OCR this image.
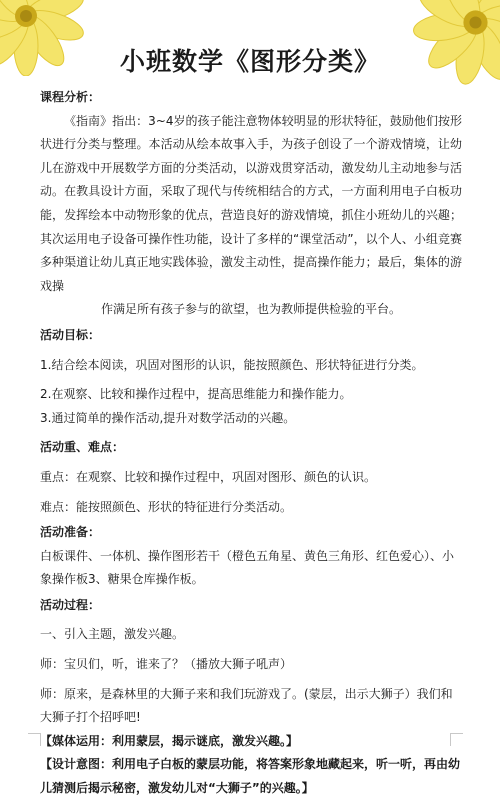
小班数学《图形分类》

课程分析：

《指南》指出：3~4岁的孩子能注意物体较明显的形状特征，鼓励他们按形状进行分类与整理。本活动从绘本故事入手，为孩子创设了一个游戏情境，让幼儿在游戏中开展数学方面的分类活动，以游戏贯穿活动，激发幼儿主动地参与活动。在教具设计方面，采取了现代与传统相结合的方式，一方面利用电子白板功能，发挥绘本中动物形象的优点，营造良好的游戏情境，抓住小班幼儿的兴趣；其次运用电子设备可操作性功能，设计了多样的“课堂活动”，以个人、小组竞赛多种渠道让幼儿真正地实践体验，激发主动性，提高操作能力；最后，集体的游戏操

作满足所有孩子参与的欲望，也为教师提供检验的平台。

活动目标：

1.结合绘本阅读，巩固对图形的认识，能按照颜色、形状特征进行分类。

2.在观察、比较和操作过程中，提高思维能力和操作能力。

3.通过简单的操作活动,提升对数学活动的兴趣。

活动重、难点：

重点：在观察、比较和操作过程中，巩固对图形、颜色的认识。

难点：能按照颜色、形状的特征进行分类活动。

活动准备：

白板课件、一体机、操作图形若干（橙色五角星、黄色三角形、红色爱心）、小象操作板3、糖果仓库操作板。

活动过程：

一、引入主题，激发兴趣。

师：宝贝们，听，谁来了？（播放大狮子吼声）

师：原来，是森林里的大狮子来和我们玩游戏了。(蒙层，出示大狮子）我们和大狮子打个招呼吧!

【媒体运用：利用蒙层，揭示谜底，激发兴趣。】

【设计意图：利用电子白板的蒙层功能，将答案形象地藏起来，听一听，再由幼儿猜测后揭示秘密，激发幼儿对“大狮子”的兴趣。】
